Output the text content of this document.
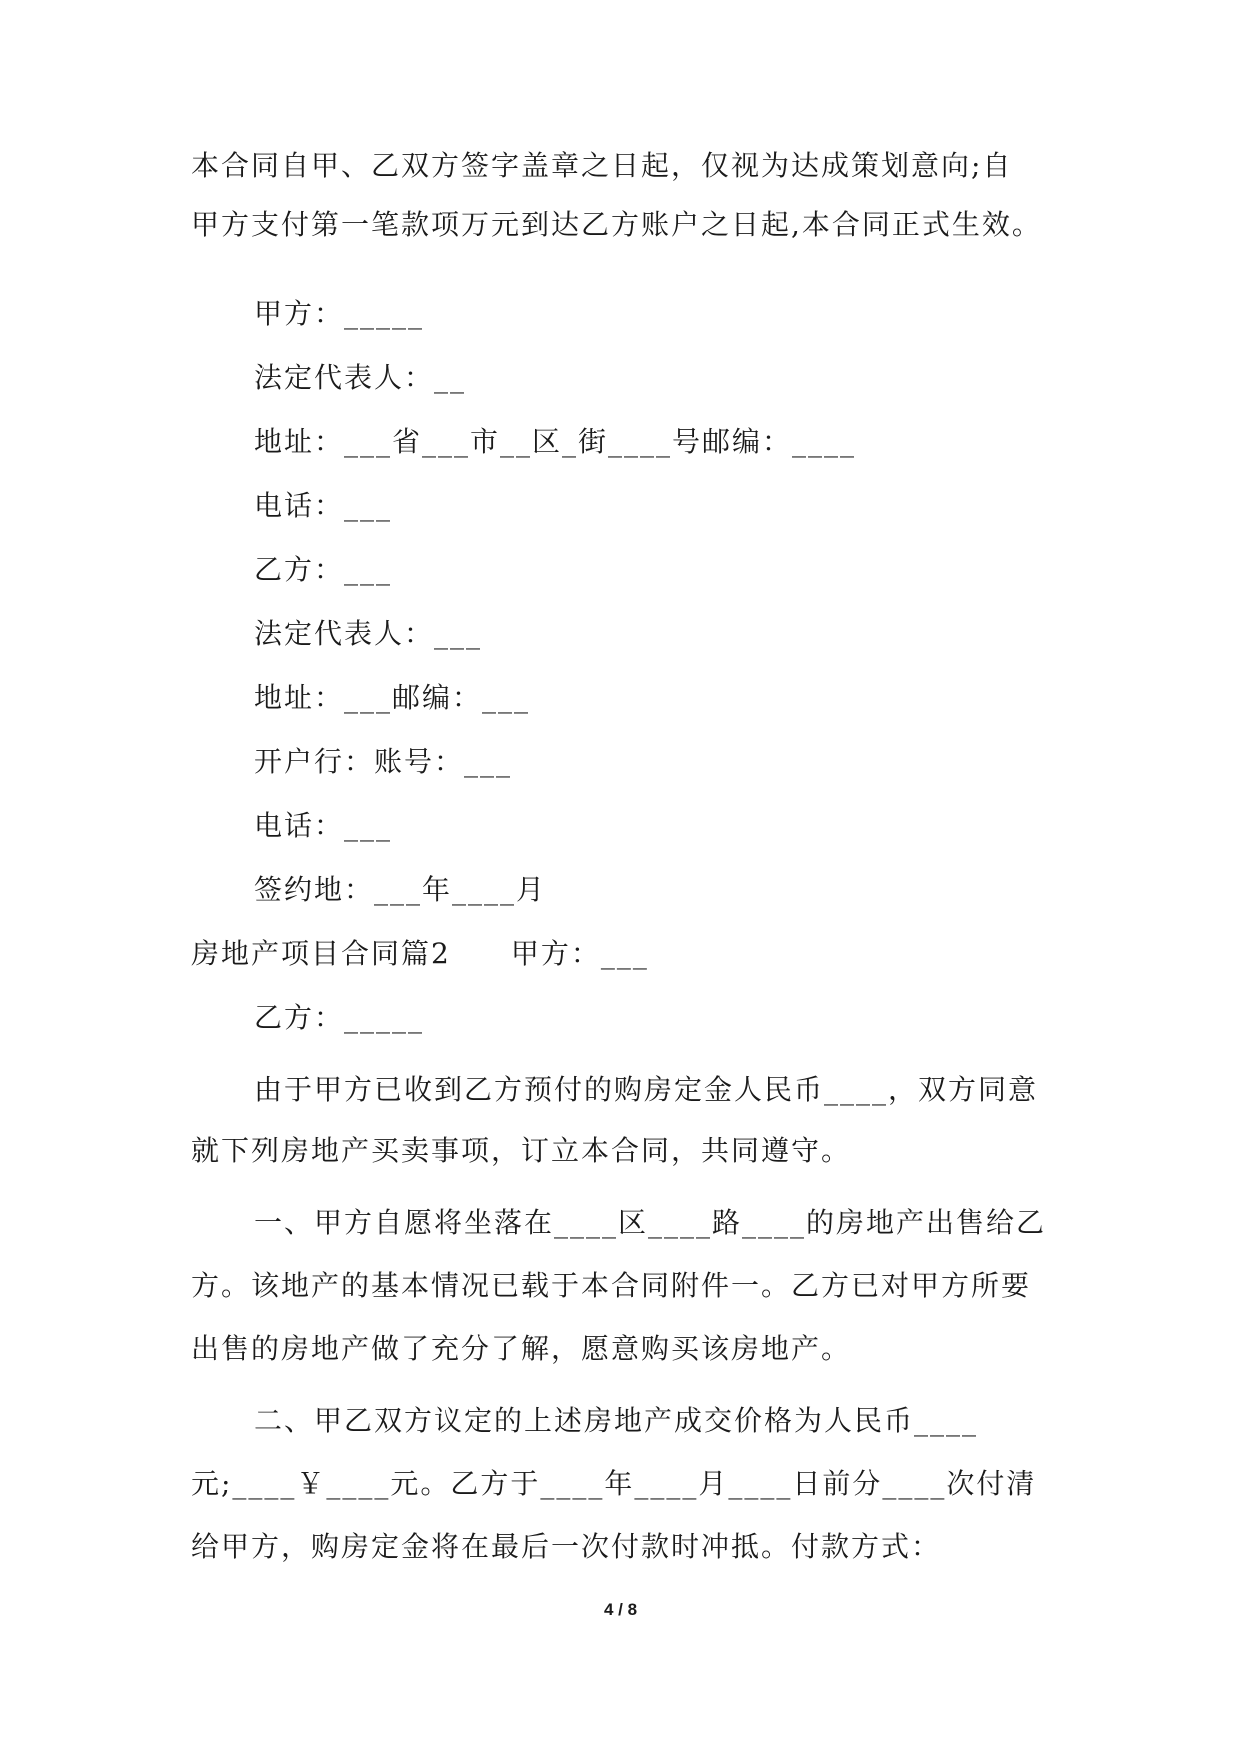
本合同自甲、乙双方签字盖章之日起，仅视为达成策划意向;自
甲方支付第一笔款项万元到达乙方账户之日起,本合同正式生效。
甲方：_____
法定代表人：__
地址：___省___市__区_街____号邮编：____
电话：___
乙方：___
法定代表人：___
地址：___邮编：___
开户行：账号：___
电话：___
签约地：___年____月
房地产项目合同篇2　　甲方：___
乙方：_____
由于甲方已收到乙方预付的购房定金人民币____，双方同意
就下列房地产买卖事项，订立本合同，共同遵守。
一、甲方自愿将坐落在____区____路____的房地产出售给乙
方。该地产的基本情况已载于本合同附件一。乙方已对甲方所要
出售的房地产做了充分了解，愿意购买该房地产。
二、甲乙双方议定的上述房地产成交价格为人民币____
元;____￥____元。乙方于____年____月____日前分____次付清
给甲方，购房定金将在最后一次付款时冲抵。付款方式：
4 / 8
